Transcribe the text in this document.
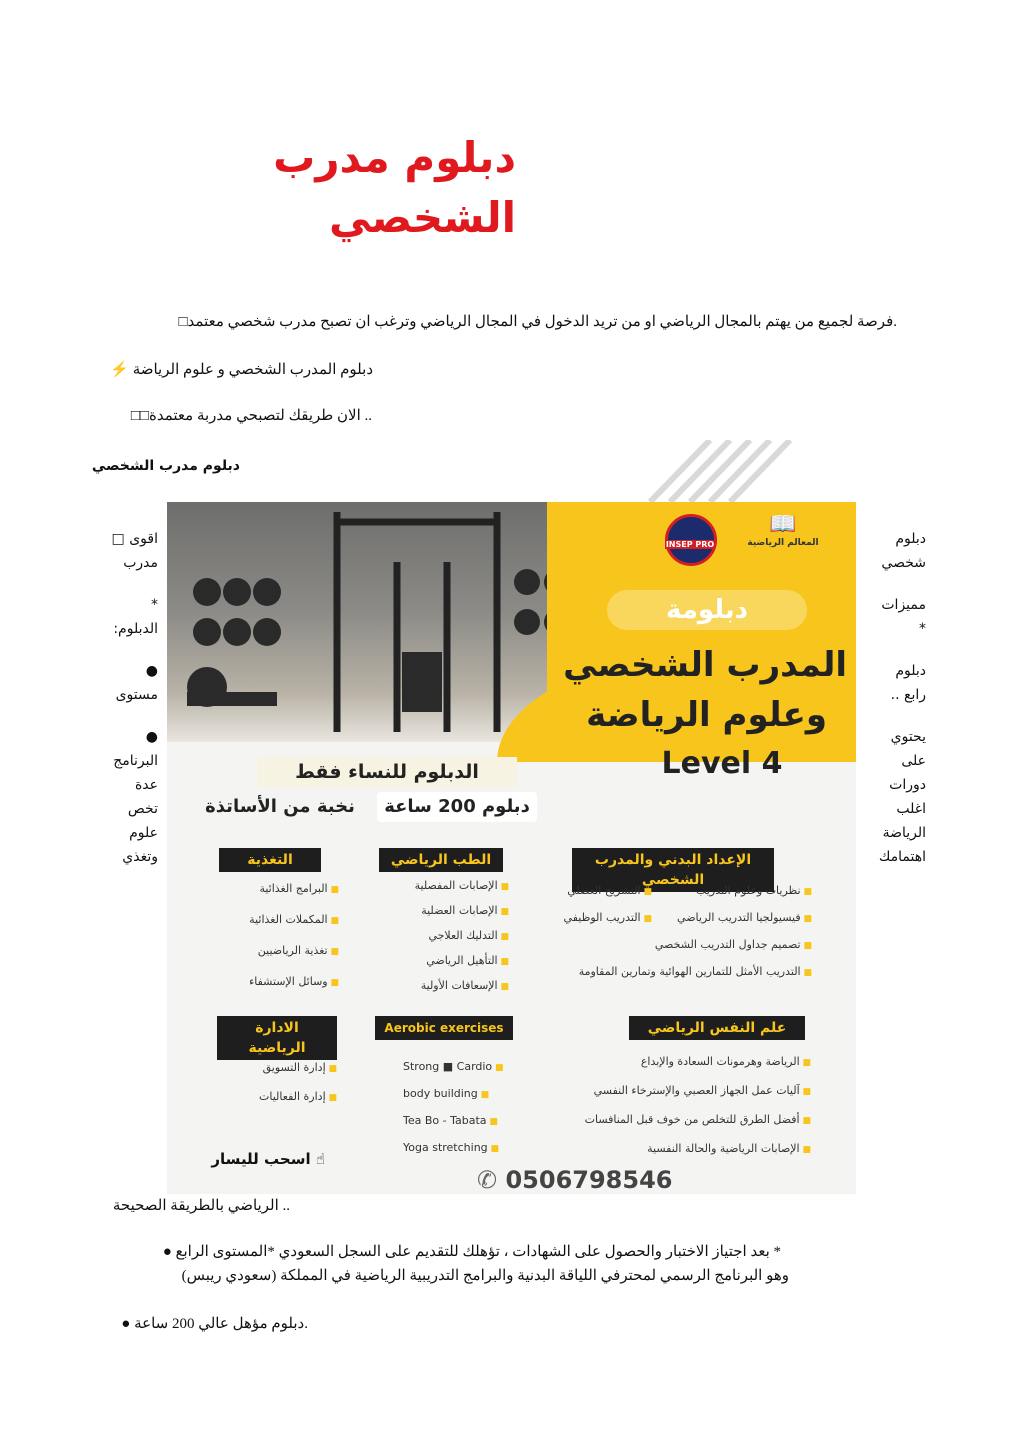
دبلوم مدرب الشخصي
.فرصة لجميع من يهتم بالمجال الرياضي او من تريد الدخول في المجال الرياضي وترغب ان تصبح مدرب شخصي معتمد□
دبلوم المدرب الشخصي و علوم الرياضة ⚡
.. الان طريقك لتصبحي مدربة معتمدة□□
دبلوم مدرب الشخصي

اقوى □

مدرب

*

الدبلوم:

●

مستوى

●

البرنامج

عدة

تخص

علوم

وتغذي

دبلوم

شخصي

مميزات

*

دبلوم

رابع ..

يحتوي

على

دورات

اغلب

الرياضة

اهتمامك

INSEP PRO
📖
المعالم الرياضية
دبلومة
المدرب الشخصي
وعلوم الرياضة
Level 4
الدبلوم للنساء فقط
دبلوم 200 ساعة
نخبة من الأساتذة
الإعداد البدني والمدرب الشخصي
■ نظريات وعلوم التدريب
■ فيسيولجيا التدريب الرياضي
■ تصميم جداول التدريب الشخصي
■ التدريب الأمثل للتمارين الهوائية وتمارين المقاومة
■ التشريح العضلي
■ التدريب الوظيفي
الطب الرياضي
■ الإصابات المفصلية
■ الإصابات العضلية
■ التدليك العلاجي
■ التأهيل الرياضي
■ الإسعافات الأولية
التغذية
■ البرامج الغذائية
■ المكملات الغذائية
■ تغذية الرياضيين
■ وسائل الإستشفاء
علم النفس الرياضي
■ الرياضة وهرمونات السعادة والإبداع
■ آليات عمل الجهاز العصبي والإسترخاء النفسي
■ أفضل الطرق للتخلص من خوف قبل المنافسات
■ الإصابات الرياضية والحالة النفسية
Aerobic exercises
Strong ■ Cardio ■
body building ■
Tea Bo - Tabata ■
Yoga stretching ■
الادارة الرياضية
■ إدارة التسويق
■ إدارة الفعاليات
☝ اسحب لليسار
✆ 0506798546
.. الرياضي بالطريقة الصحيحة
* بعد اجتياز الاختبار والحصول على الشهادات ، تؤهلك للتقديم على السجل السعودي *المستوى الرابع ●
وهو البرنامج الرسمي لمحترفي اللياقة البدنية والبرامج التدريبية الرياضية في المملكة (سعودي ريبس)
.دبلوم مؤهل عالي 200 ساعة ●
